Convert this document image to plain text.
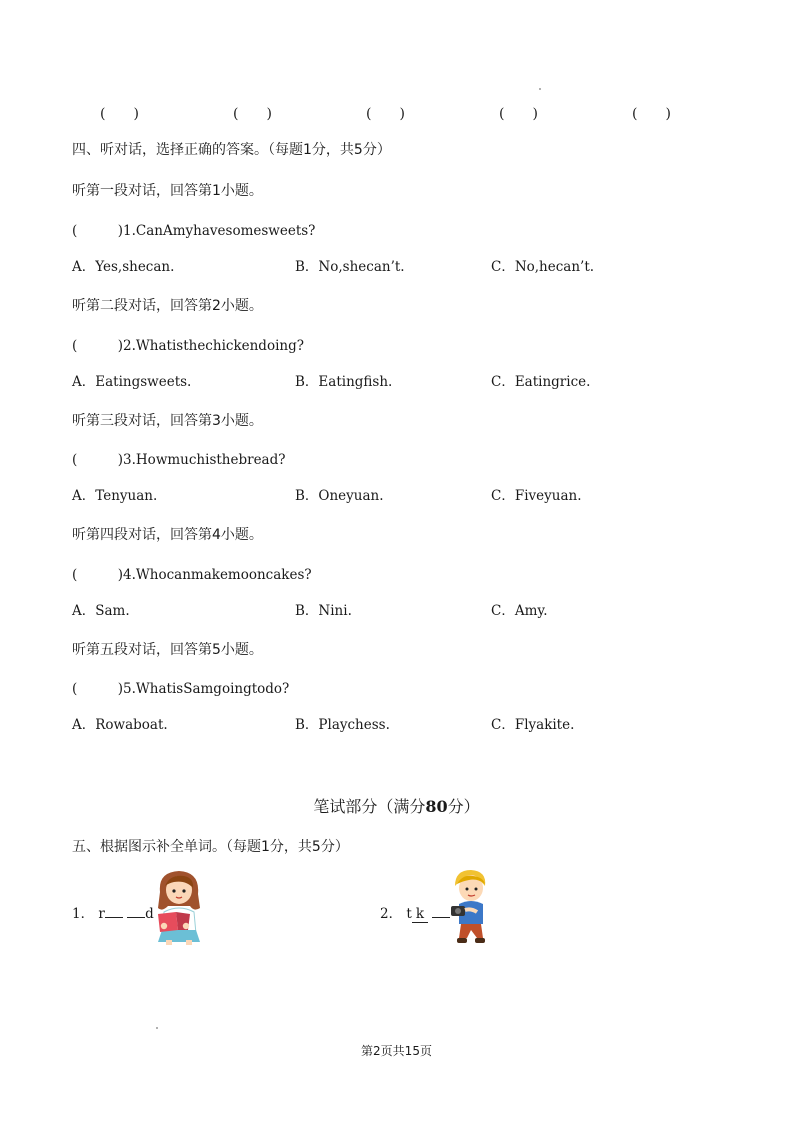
(　　)	(　　)	(　　)	(　　)	(　　)
四、听对话，选择正确的答案。（每题1分，共5分）
听第一段对话，回答第1小题。
(　　　)1.CanAmyhavesomesweets?
A．Yes,shecan.	B．No,shecan’t.	C．No,hecan’t.
听第二段对话，回答第2小题。
(　　　)2.Whatisthechickendoing?
A．Eatingsweets.	B．Eatingfish.	C．Eatingrice.
听第三段对话，回答第3小题。
(　　　)3.Howmuchisthebread?
A．Tenyuan.	B．Oneyuan.	C．Fiveyuan.
听第四段对话，回答第4小题。
(　　　)4.Whocanmakemooncakes?
A．Sam.	B．Nini.	C．Amy.
听第五段对话，回答第5小题。
(　　　)5.WhatisSamgoingtodo?
A．Rowaboat.	B．Playchess.	C．Flyakite.
笔试部分（满分80分）
五、根据图示补全单词。（每题1分，共5分）
1． r	d	2． t k
第2页共15页
